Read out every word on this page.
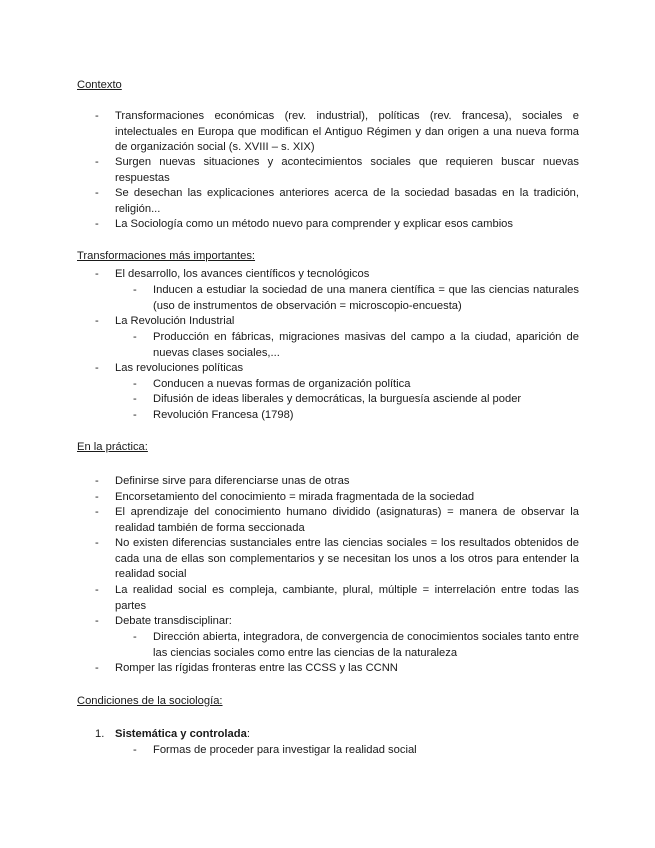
Contexto
- Transformaciones económicas (rev. industrial), políticas (rev. francesa), sociales e intelectuales en Europa que modifican el Antiguo Régimen y dan origen a una nueva forma de organización social (s. XVIII – s. XIX)
- Surgen nuevas situaciones y acontecimientos sociales que requieren buscar nuevas respuestas
- Se desechan las explicaciones anteriores acerca de la sociedad basadas en la tradición, religión...
- La Sociología como un método nuevo para comprender y explicar esos cambios
Transformaciones más importantes:
- El desarrollo, los avances científicos y tecnológicos
- Inducen a estudiar la sociedad de una manera científica = que las ciencias naturales (uso de instrumentos de observación = microscopio-encuesta)
- La Revolución Industrial
- Producción en fábricas, migraciones masivas del campo a la ciudad, aparición de nuevas clases sociales,...
- Las revoluciones políticas
- Conducen a nuevas formas de organización política
- Difusión de ideas liberales y democráticas, la burguesía asciende al poder
- Revolución Francesa (1798)
En la práctica:
- Definirse sirve para diferenciarse unas de otras
- Encorsetamiento del conocimiento = mirada fragmentada de la sociedad
- El aprendizaje del conocimiento humano dividido (asignaturas) = manera de observar la realidad también de forma seccionada
- No existen diferencias sustanciales entre las ciencias sociales = los resultados obtenidos de cada una de ellas son complementarios y se necesitan los unos a los otros para entender la realidad social
- La realidad social es compleja, cambiante, plural, múltiple = interrelación entre todas las partes
- Debate transdisciplinar:
- Dirección abierta, integradora, de convergencia de conocimientos sociales tanto entre las ciencias sociales como entre las ciencias de la naturaleza
- Romper las rígidas fronteras entre las CCSS y las CCNN
Condiciones de la sociología:
1. Sistemática y controlada:
- Formas de proceder para investigar la realidad social
